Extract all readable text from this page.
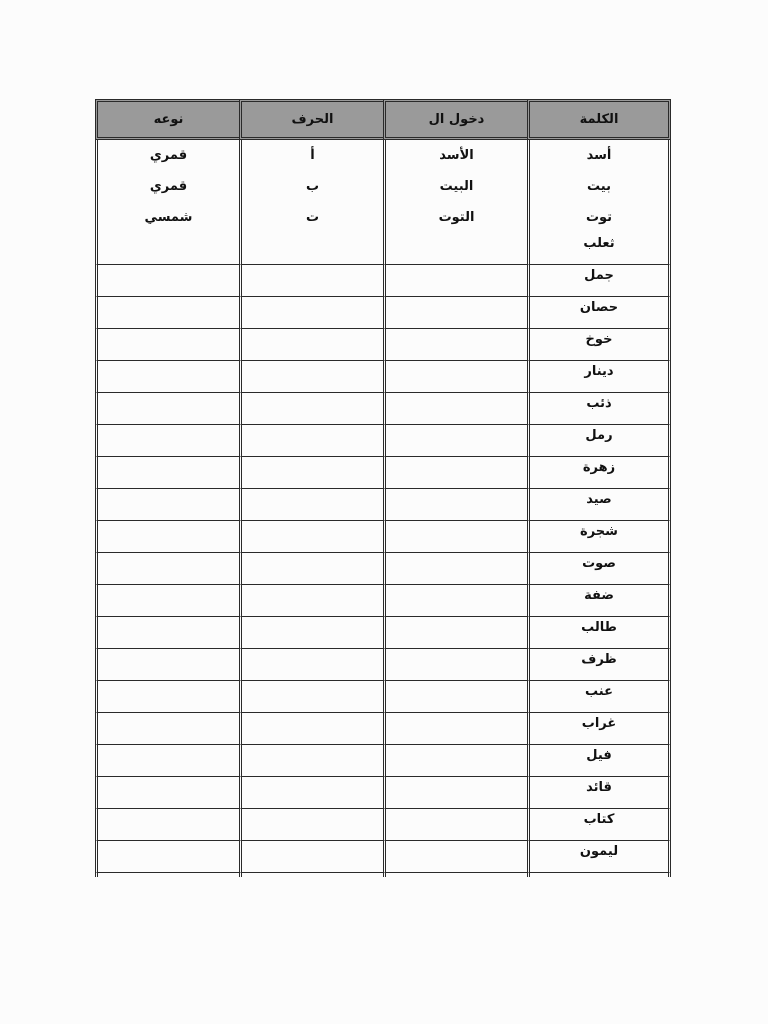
الكلمة	دخول ال	الحرف	نوعه
أسد	الأسد	أ	قمري
بيت	البيت	ب	قمري
توت	التوت	ت	شمسي
ثعلب			
جمل			
حصان			
خوخ			
دينار			
ذئب			
رمل			
زهرة			
صيد			
شجرة			
صوت			
ضفة			
طالب			
ظرف			
عنب			
غراب			
فيل			
قائد			
كتاب			
ليمون			
